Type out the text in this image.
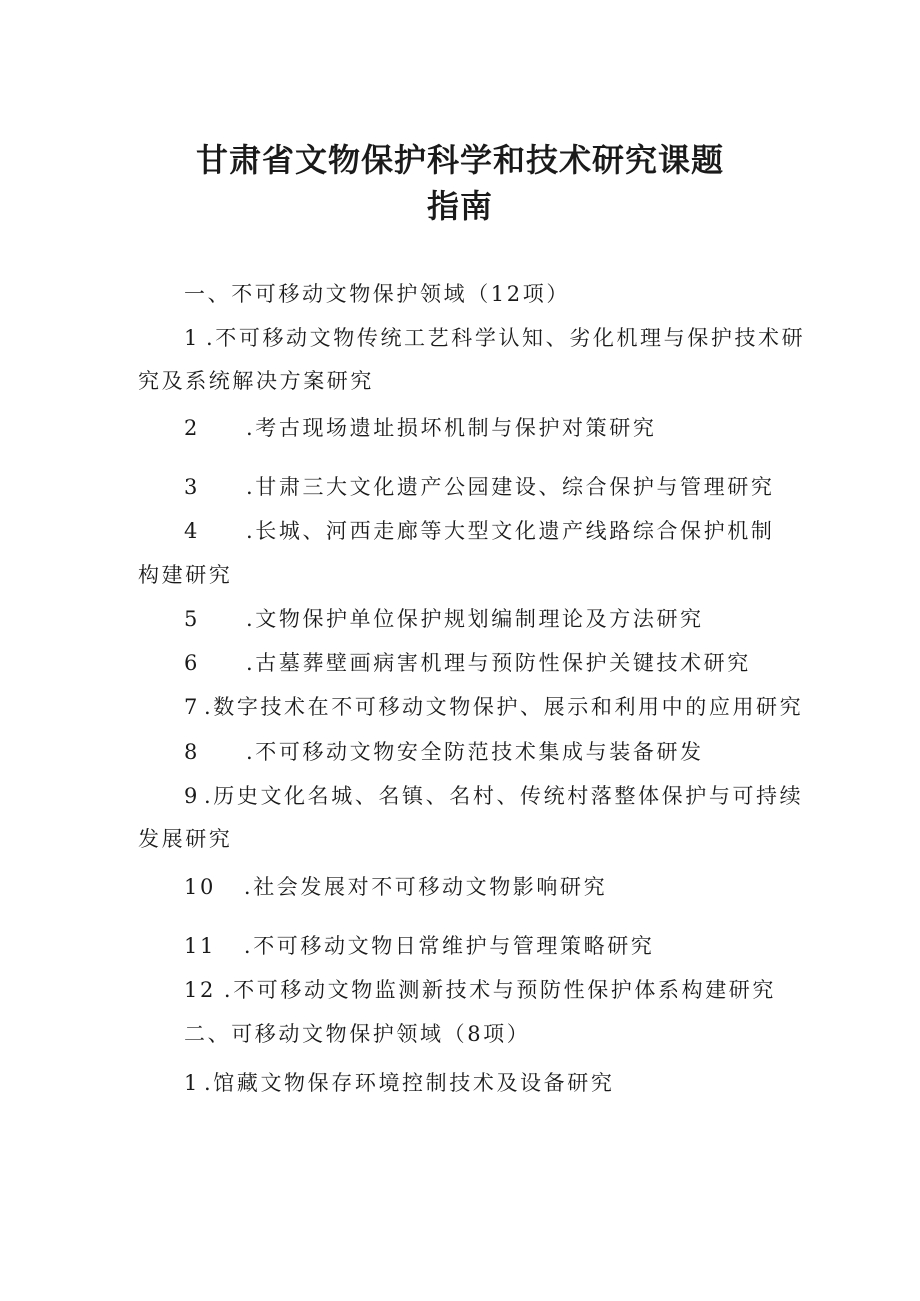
甘肃省文物保护科学和技术研究课题
指南

一、不可移动文物保护领域（12项）

1 .不可移动文物传统工艺科学认知、劣化机理与保护技术研

究及系统解决方案研究

2 .考古现场遗址损坏机制与保护对策研究

3 .甘肃三大文化遗产公园建设、综合保护与管理研究

4 .长城、河西走廊等大型文化遗产线路综合保护机制

构建研究

5 .文物保护单位保护规划编制理论及方法研究

6 .古墓葬壁画病害机理与预防性保护关键技术研究

7 .数字技术在不可移动文物保护、展示和利用中的应用研究

8 .不可移动文物安全防范技术集成与装备研发

9 .历史文化名城、名镇、名村、传统村落整体保护与可持续

发展研究

10 .社会发展对不可移动文物影响研究

11 .不可移动文物日常维护与管理策略研究

12 .不可移动文物监测新技术与预防性保护体系构建研究

二、可移动文物保护领域（8项）

1 .馆藏文物保存环境控制技术及设备研究
